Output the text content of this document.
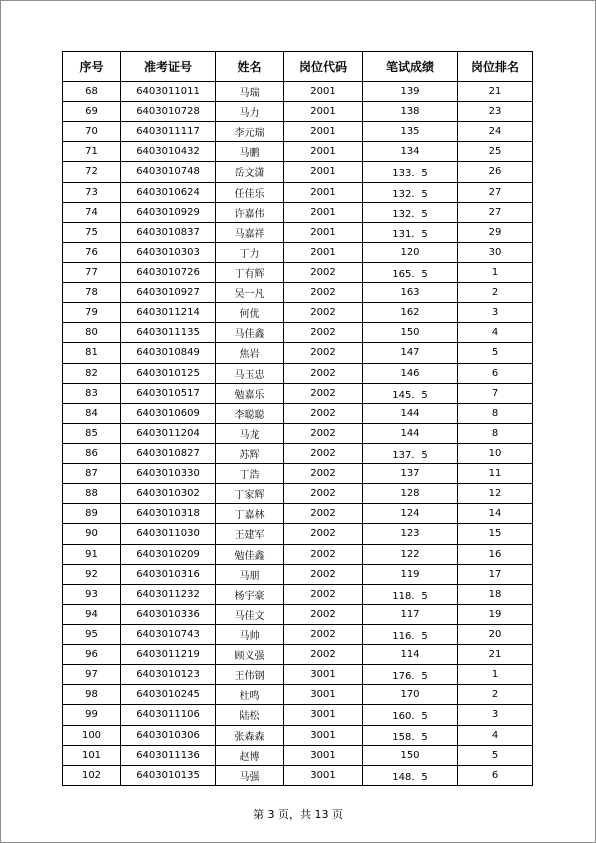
序号	准考证号	姓名	岗位代码	笔试成绩	岗位排名
68	6403011011	马瑞	2001	139	21
69	6403010728	马力	2001	138	23
70	6403011117	李元瑞	2001	135	24
71	6403010432	马鹏	2001	134	25
72	6403010748	岳文潇	2001	133．5	26
73	6403010624	任佳乐	2001	132．5	27
74	6403010929	许嘉伟	2001	132．5	27
75	6403010837	马嘉祥	2001	131．5	29
76	6403010303	丁力	2001	120	30
77	6403010726	丁有辉	2002	165．5	1
78	6403010927	吴一凡	2002	163	2
79	6403011214	何优	2002	162	3
80	6403011135	马佳鑫	2002	150	4
81	6403010849	焦岩	2002	147	5
82	6403010125	马玉忠	2002	146	6
83	6403010517	勉嘉乐	2002	145．5	7
84	6403010609	李聪聪	2002	144	8
85	6403011204	马龙	2002	144	8
86	6403010827	苏辉	2002	137．5	10
87	6403010330	丁浩	2002	137	11
88	6403010302	丁家辉	2002	128	12
89	6403010318	丁嘉林	2002	124	14
90	6403011030	王建军	2002	123	15
91	6403010209	勉佳鑫	2002	122	16
92	6403010316	马朋	2002	119	17
93	6403011232	杨宇豪	2002	118．5	18
94	6403010336	马佳文	2002	117	19
95	6403010743	马帅	2002	116．5	20
96	6403011219	顾义强	2002	114	21
97	6403010123	王伟钢	3001	176．5	1
98	6403010245	杜鸣	3001	170	2
99	6403011106	陆松	3001	160．5	3
100	6403010306	张森森	3001	158．5	4
101	6403011136	赵博	3001	150	5
102	6403010135	马强	3001	148．5	6
第 3 页，共 13 页
